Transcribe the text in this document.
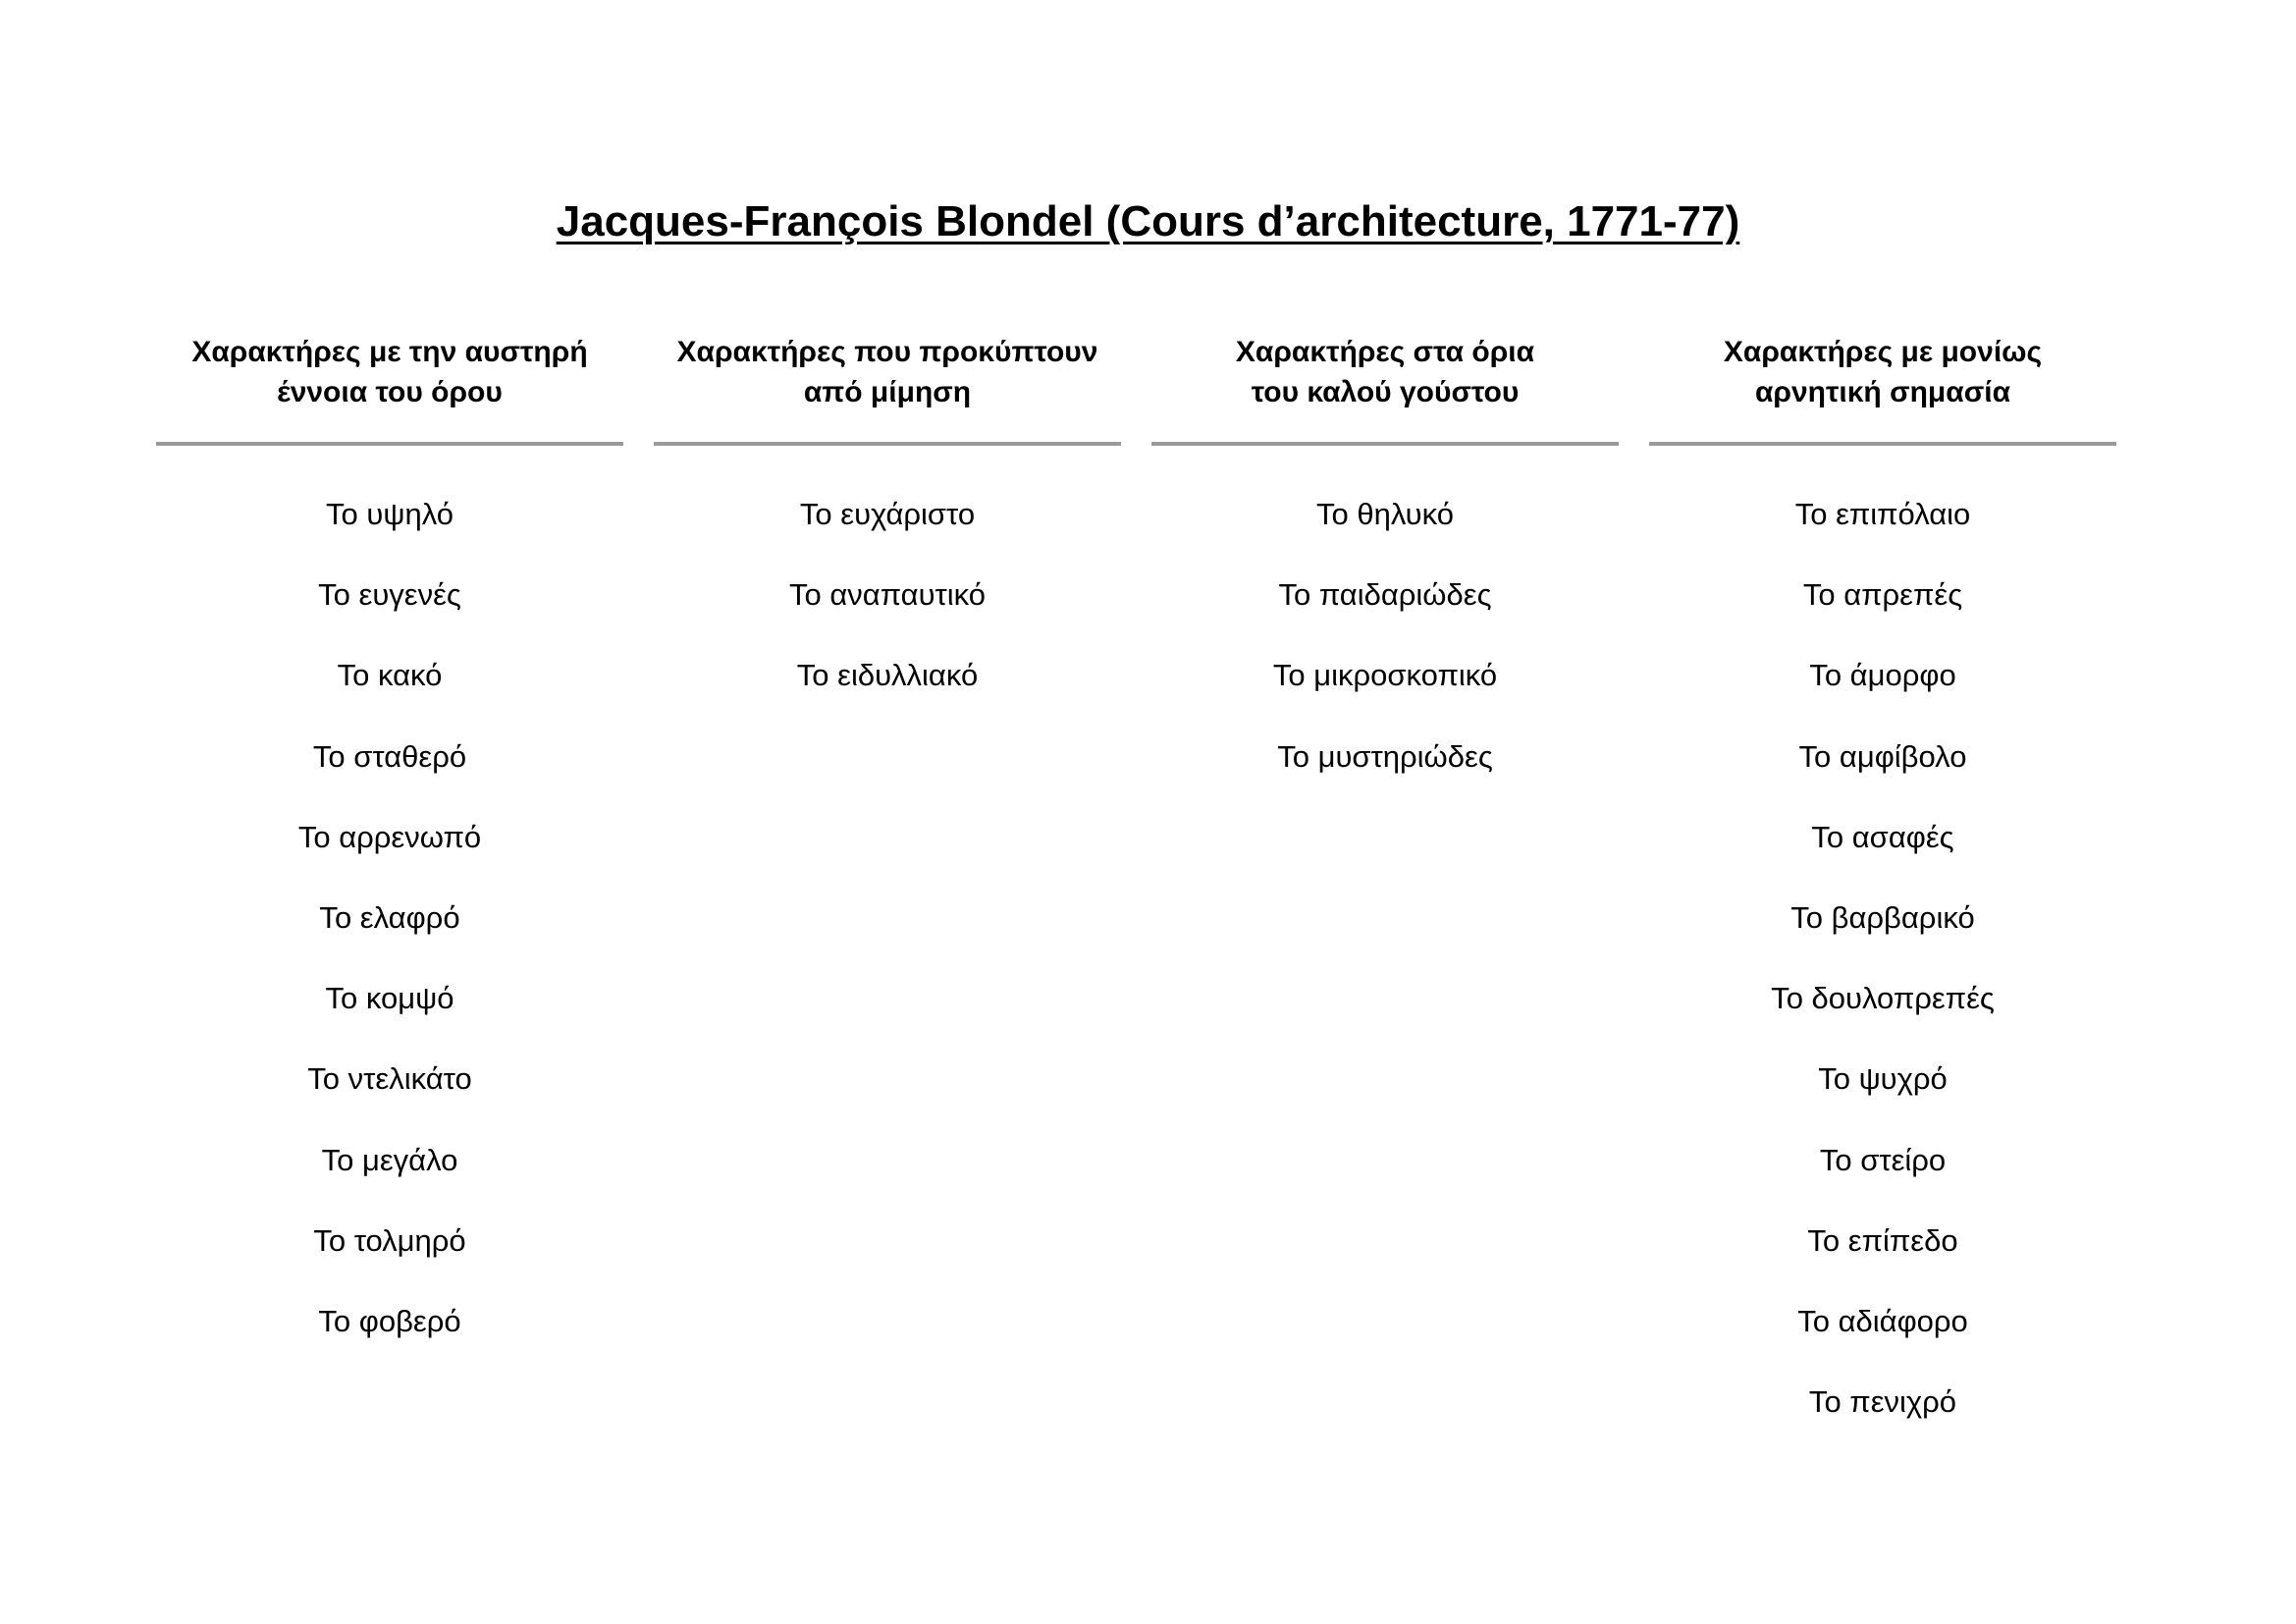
Jacques-François Blondel (Cours d’architecture, 1771-77)
Χαρακτήρες με την αυστηρή
έννοια του όρου
Το υψηλό
Το ευγενές
Το κακό
Το σταθερό
Το αρρενωπό
Το ελαφρό
Το κομψό
Το ντελικάτο
Το μεγάλο
Το τολμηρό
Το φοβερό
Χαρακτήρες που προκύπτουν
από μίμηση
Το ευχάριστο
Το αναπαυτικό
Το ειδυλλιακό
Χαρακτήρες στα όρια
του καλού γούστου
Το θηλυκό
Το παιδαριώδες
Το μικροσκοπικό
Το μυστηριώδες
Χαρακτήρες με μονίως
αρνητική σημασία
Το επιπόλαιο
Το απρεπές
Το άμορφο
Το αμφίβολο
Το ασαφές
Το βαρβαρικό
Το δουλοπρεπές
Το ψυχρό
Το στείρο
Το επίπεδο
Το αδιάφορο
Το πενιχρό
